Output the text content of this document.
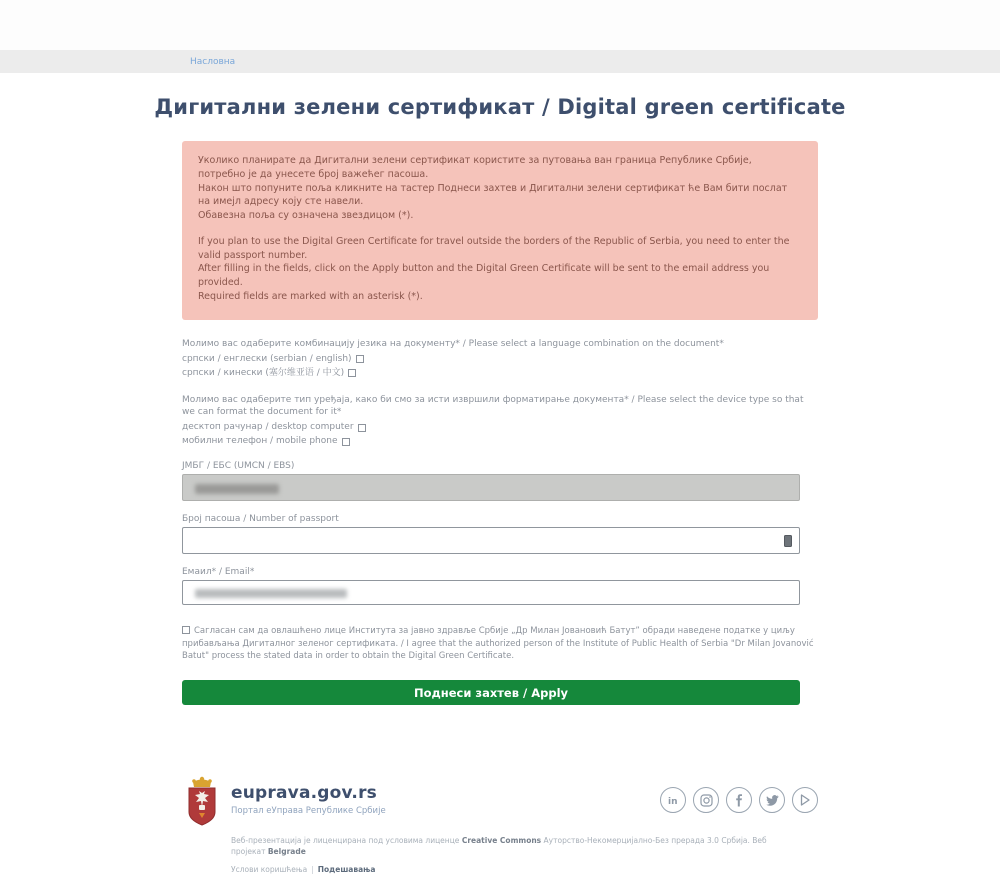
Насловна
Дигитални зелени сертификат / Digital green certificate
Уколико планирате да Дигитални зелени сертификат користите за путовања ван граница Републике Србије, потребно је да унесете број важећег пасоша.
Након што попуните поља кликните на тастер Поднеси захтев и Дигитални зелени сертификат ће Вам бити послат на имејл адресу коју сте навели.
Обавезна поља су означена звездицом (*).
If you plan to use the Digital Green Certificate for travel outside the borders of the Republic of Serbia, you need to enter the valid passport number.
After filling in the fields, click on the Apply button and the Digital Green Certificate will be sent to the email address you provided.
Required fields are marked with an asterisk (*).
Молимо вас одаберите комбинацију језика на документу* / Please select a language combination on the document*
српски / енглески (serbian / english)
српски / кинески (塞尔维亚语 / 中文)
Молимо вас одаберите тип уређаја, како би смо за исти извршили форматирање документа* / Please select the device type so that we can format the document for it*
десктоп рачунар / desktop computer
мобилни телефон / mobile phone
ЈМБГ / ЕБС (UMCN / EBS)
Број пасоша / Number of passport
Емаил* / Email*
Сагласан сам да овлашћено лице Института за јавно здравље Србије „Др Милан Јовановић Батут” обради наведене податке у циљу прибављања Дигиталног зеленог сертификата. / I agree that the authorized person of the Institute of Public Health of Serbia "Dr Milan Jovanović Batut" process the stated data in order to obtain the Digital Green Certificate.
Поднеси захтев / Apply
euprava.gov.rs
Портал еУправа Републике Србије
in
Веб-презентација је лиценцирана под условима лиценце Creative Commons Ауторство-Некомерцијално-Без прерада 3.0 Србија. Веб пројекат Belgrade
Услови коришћења | Подешавања
